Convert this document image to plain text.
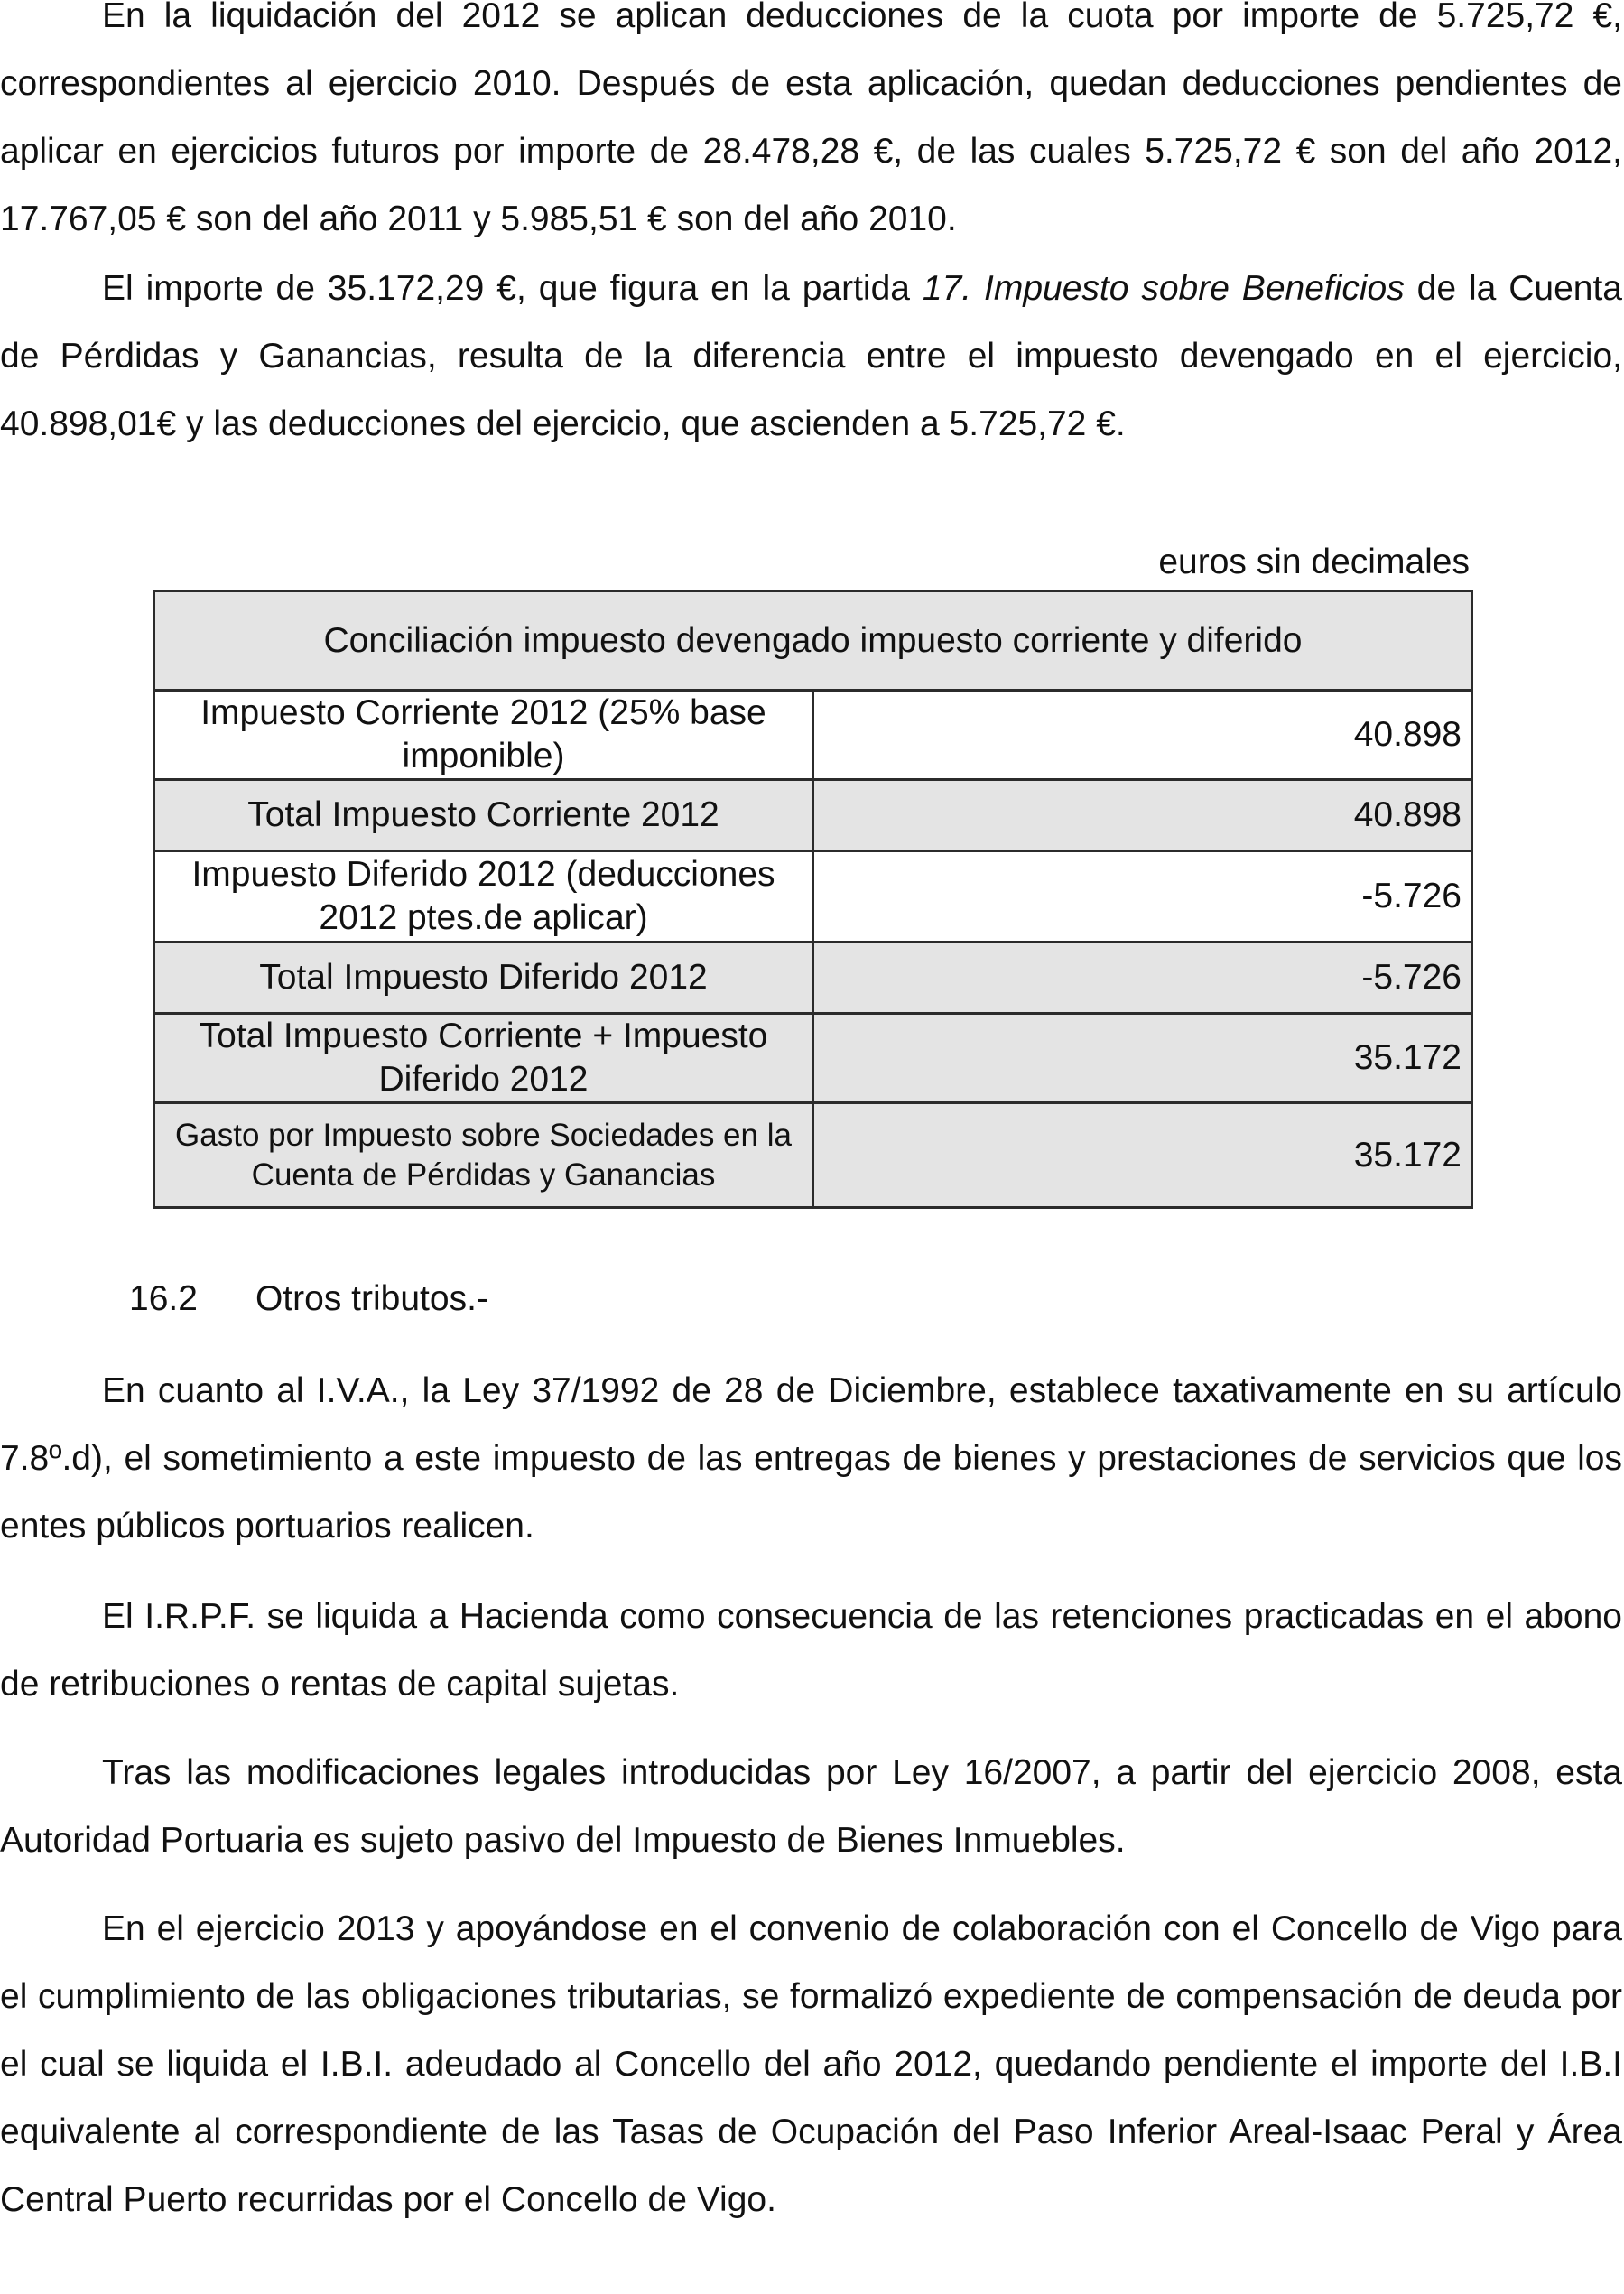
En la liquidación del 2012 se aplican deducciones de la cuota por importe de 5.725,72 €, correspondientes al ejercicio 2010. Después de esta aplicación, quedan deducciones pendientes de aplicar en ejercicios futuros por importe de 28.478,28 €, de las cuales 5.725,72 € son del año 2012, 17.767,05 € son del año 2011 y 5.985,51 € son del año 2010.

El importe de 35.172,29 €, que figura en la partida 17. Impuesto sobre Beneficios de la Cuenta de Pérdidas y Ganancias, resulta de la diferencia entre el impuesto devengado en el ejercicio, 40.898,01€ y las deducciones del ejercicio, que ascienden a 5.725,72 €.

euros sin decimales
Conciliación impuesto devengado impuesto corriente y diferido	
Impuesto Corriente 2012 (25% base imponible)	40.898
Total Impuesto Corriente 2012	40.898
Impuesto Diferido 2012 (deducciones 2012 ptes.de aplicar)	-5.726
Total Impuesto Diferido 2012	-5.726
Total Impuesto Corriente + Impuesto Diferido 2012	35.172
Gasto por Impuesto sobre Sociedades en la Cuenta de Pérdidas y Ganancias	35.172
16.2 Otros tributos.-

En cuanto al I.V.A., la Ley 37/1992 de 28 de Diciembre, establece taxativamente en su artículo 7.8º.d), el sometimiento a este impuesto de las entregas de bienes y prestaciones de servicios que los entes públicos portuarios realicen.

El I.R.P.F. se liquida a Hacienda como consecuencia de las retenciones practicadas en el abono de retribuciones o rentas de capital sujetas.

Tras las modificaciones legales introducidas por Ley 16/2007, a partir del ejercicio 2008, esta Autoridad Portuaria es sujeto pasivo del Impuesto de Bienes Inmuebles.

En el ejercicio 2013 y apoyándose en el convenio de colaboración con el Concello de Vigo para el cumplimiento de las obligaciones tributarias, se formalizó expediente de compensación de deuda por el cual se liquida el I.B.I. adeudado al Concello del año 2012, quedando pendiente el importe del I.B.I equivalente al correspondiente de las Tasas de Ocupación del Paso Inferior Areal-Isaac Peral y Área Central Puerto recurridas por el Concello de Vigo.
